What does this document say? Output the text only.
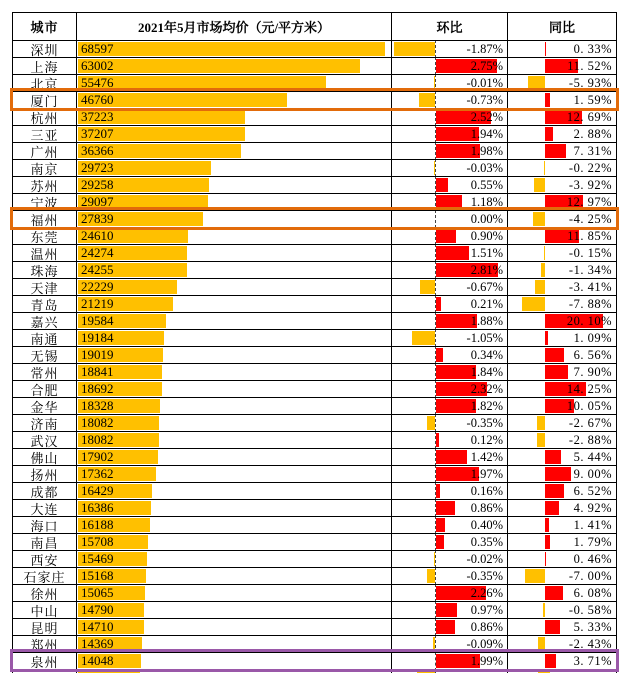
城市	2021年5月市场均价（元/平方米）	环比	同比
深圳	68597	-1.87%	0. 33%
上海	63002	2.75%	11. 52%
北京	55476	-0.01%	-5. 93%
厦门	46760	-0.73%	1. 59%
杭州	37223	2.52%	12. 69%
三亚	37207	1.94%	2. 88%
广州	36366	1.98%	7. 31%
南京	29723	-0.03%	-0. 22%
苏州	29258	0.55%	-3. 92%
宁波	29097	1.18%	12. 97%
福州	27839	0.00%	-4. 25%
东莞	24610	0.90%	11. 85%
温州	24274	1.51%	-0. 15%
珠海	24255	2.81%	-1. 34%
天津	22229	-0.67%	-3. 41%
青岛	21219	0.21%	-7. 88%
嘉兴	19584	1.88%	20. 10%
南通	19184	-1.05%	1. 09%
无锡	19019	0.34%	6. 56%
常州	18841	1.84%	7. 90%
合肥	18692	2.32%	14. 25%
金华	18328	1.82%	10. 05%
济南	18082	-0.35%	-2. 67%
武汉	18082	0.12%	-2. 88%
佛山	17902	1.42%	5. 44%
扬州	17362	1.97%	9. 00%
成都	16429	0.16%	6. 52%
大连	16386	0.86%	4. 92%
海口	16188	0.40%	1. 41%
南昌	15708	0.35%	1. 79%
西安	15469	-0.02%	0. 46%
石家庄	15168	-0.35%	-7. 00%
徐州	15065	2.26%	6. 08%
中山	14790	0.97%	-0. 58%
昆明	14710	0.86%	5. 33%
郑州	14369	-0.09%	-2. 43%
泉州	14048	1.99%	3. 71%
